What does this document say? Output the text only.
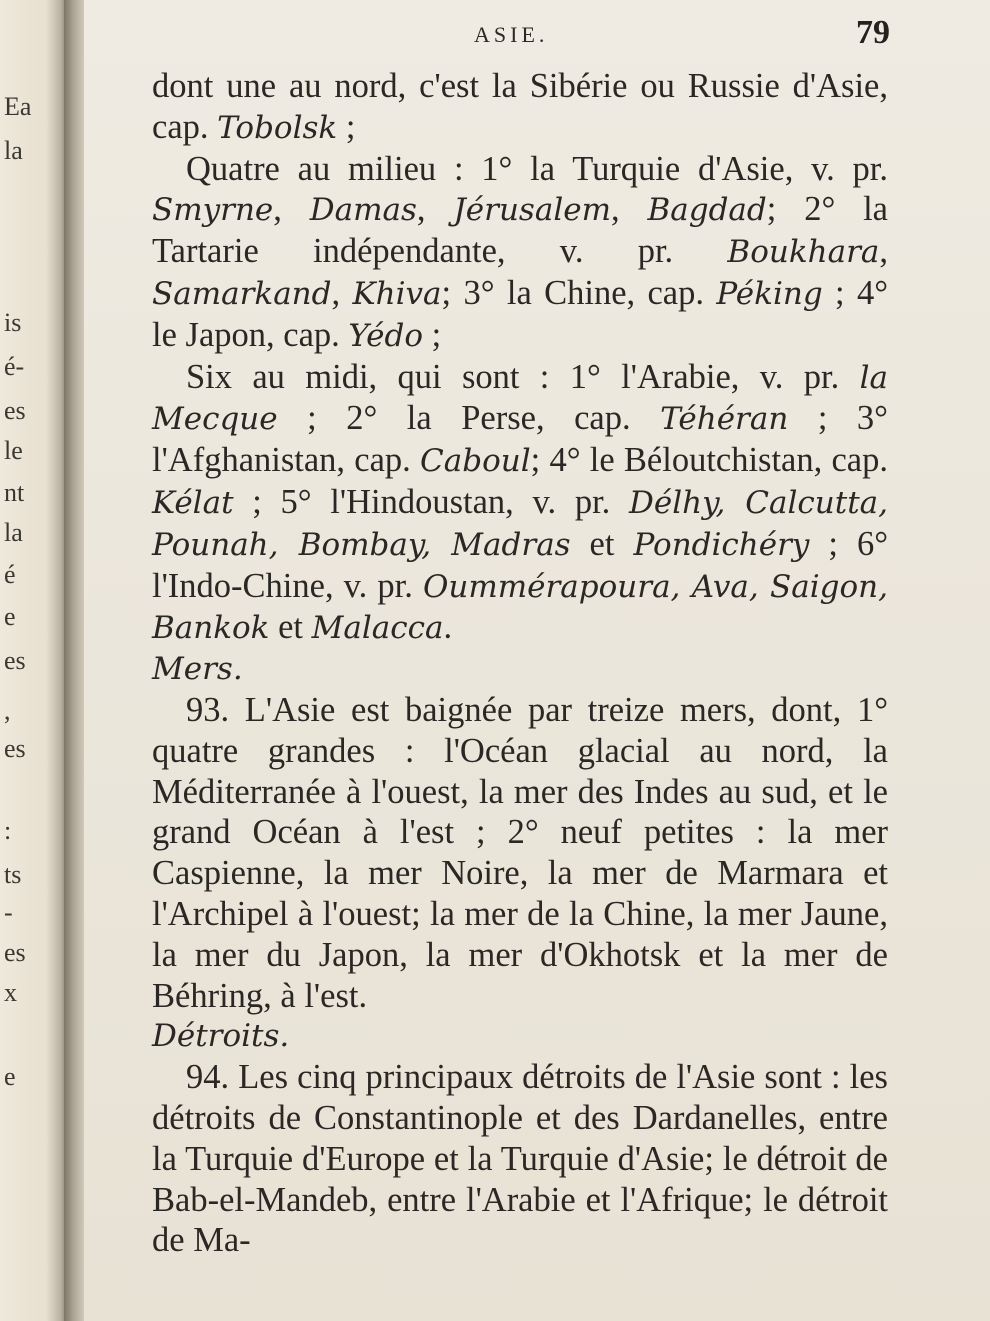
Ea
la
is
é-
es
le
nt
la
é
e
es
,
es
:
ts
-
es
x
e
ASIE.	79

dont une au nord, c'est la Sibérie ou Russie d'Asie, cap. Tobolsk ;

Quatre au milieu : 1° la Turquie d'Asie, v. pr. Smyrne, Damas, Jérusalem, Bagdad; 2° la Tartarie indépendante, v. pr. Boukhara, Samarkand, Khiva; 3° la Chine, cap. Péking ; 4° le Japon, cap. Yédo ;

Six au midi, qui sont : 1° l'Arabie, v. pr. la Mecque ; 2° la Perse, cap. Téhéran ; 3° l'Afghanistan, cap. Caboul; 4° le Béloutchistan, cap. Kélat ; 5° l'Hindoustan, v. pr. Délhy, Calcutta, Pounah, Bombay, Madras et Pondichéry ; 6° l'Indo-Chine, v. pr. Oummérapoura, Ava, Saigon, Bankok et Malacca.

Mers.

93. L'Asie est baignée par treize mers, dont, 1° quatre grandes : l'Océan glacial au nord, la Méditerranée à l'ouest, la mer des Indes au sud, et le grand Océan à l'est ; 2° neuf petites : la mer Caspienne, la mer Noire, la mer de Marmara et l'Archipel à l'ouest; la mer de la Chine, la mer Jaune, la mer du Japon, la mer d'Okhotsk et la mer de Béhring, à l'est.

Détroits.

94. Les cinq principaux détroits de l'Asie sont : les détroits de Constantinople et des Dardanelles, entre la Turquie d'Europe et la Turquie d'Asie; le détroit de Bab-el-Mandeb, entre l'Arabie et l'Afrique; le détroit de Ma-
